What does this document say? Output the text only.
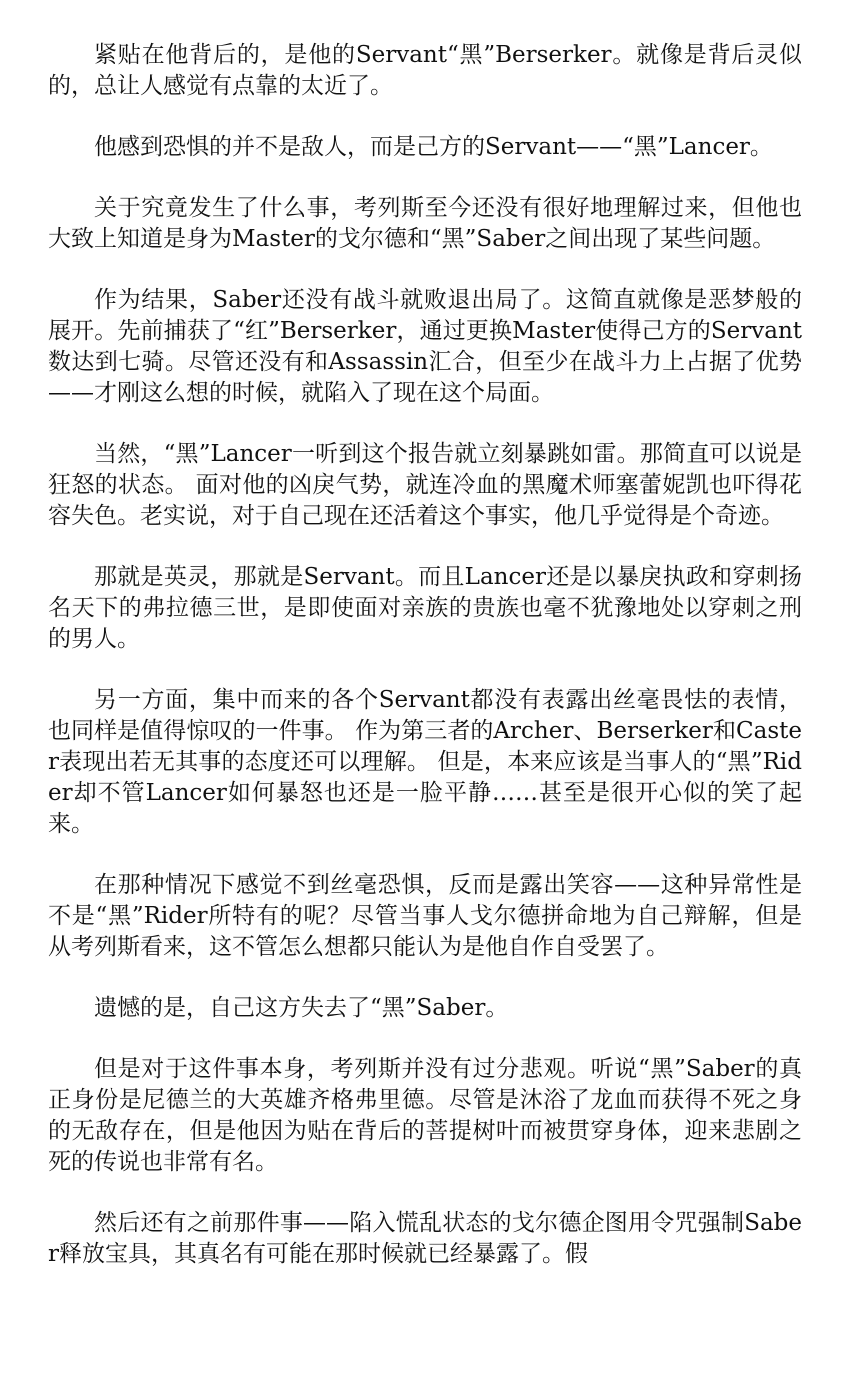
紧贴在他背后的，是他的Servant“黑”Berserker。就像是背后灵似的，总让人感觉有点靠的太近了。

他感到恐惧的并不是敌人，而是己方的Servant——“黑”Lancer。

关于究竟发生了什么事，考列斯至今还没有很好地理解过来，但他也大致上知道是身为Master的戈尔德和“黑”Saber之间出现了某些问题。

作为结果，Saber还没有战斗就败退出局了。这简直就像是恶梦般的展开。先前捕获了“红”Berserker，通过更换Master使得己方的Servant数达到七骑。尽管还没有和Assassin汇合，但至少在战斗力上占据了优势——才刚这么想的时候，就陷入了现在这个局面。

当然，“黑”Lancer一听到这个报告就立刻暴跳如雷。那简直可以说是狂怒的状态。 面对他的凶戾气势，就连冷血的黑魔术师塞蕾妮凯也吓得花容失色。老实说，对于自己现在还活着这个事实，他几乎觉得是个奇迹。

那就是英灵，那就是Servant。而且Lancer还是以暴戾执政和穿刺扬名天下的弗拉德三世，是即使面对亲族的贵族也毫不犹豫地处以穿刺之刑的男人。

另一方面，集中而来的各个Servant都没有表露出丝毫畏怯的表情，也同样是值得惊叹的一件事。 作为第三者的Archer、Berserker和Caster表现出若无其事的态度还可以理解。 但是，本来应该是当事人的“黑”Rider却不管Lancer如何暴怒也还是一脸平静……甚至是很开心似的笑了起来。

在那种情况下感觉不到丝毫恐惧，反而是露出笑容——这种异常性是不是“黑”Rider所特有的呢？尽管当事人戈尔德拼命地为自己辩解，但是从考列斯看来，这不管怎么想都只能认为是他自作自受罢了。

遗憾的是，自己这方失去了“黑”Saber。

但是对于这件事本身，考列斯并没有过分悲观。听说“黑”Saber的真正身份是尼德兰的大英雄齐格弗里德。尽管是沐浴了龙血而获得不死之身的无敌存在，但是他因为贴在背后的菩提树叶而被贯穿身体，迎来悲剧之死的传说也非常有名。

然后还有之前那件事——陷入慌乱状态的戈尔德企图用令咒强制Saber释放宝具，其真名有可能在那时候就已经暴露了。假
